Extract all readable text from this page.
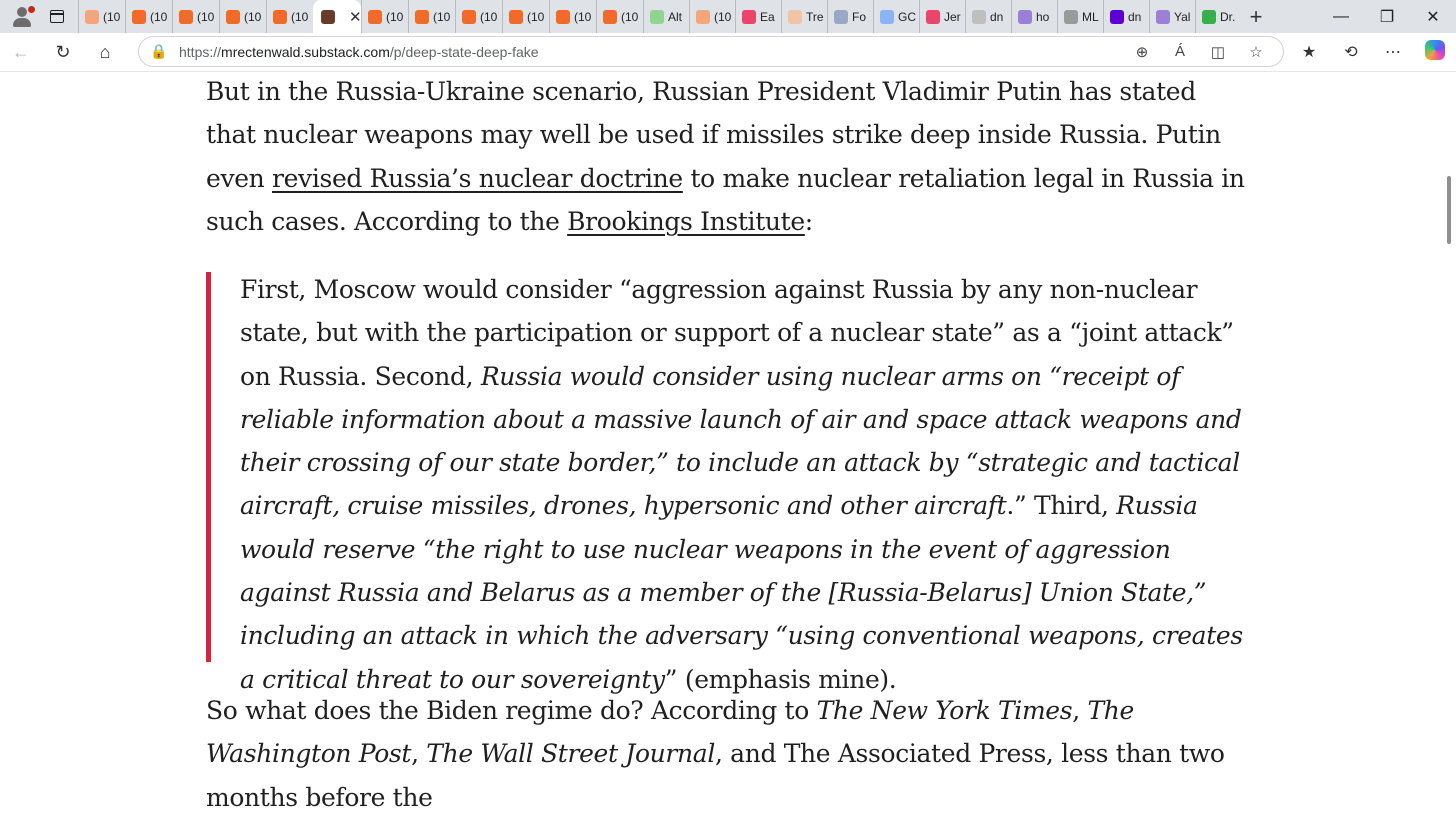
(10 (10 (10 (10 (10	✕ (10 (10 (10 (10 (10 (10 Alt	(10 Ea	Tre Fo	GC Jer dn	ho	ML dn	Yal Dr. +	—	❐	✕
←	↻	⌂	🔒 https://mrectenwald.substack.com/p/deep-state-deep-fake	⊕	Á	◫	☆	★	⟲	⋯

But in the Russia-Ukraine scenario, Russian President Vladimir Putin has stated that nuclear weapons may well be used if missiles strike deep inside Russia. Putin even revised Russia’s nuclear doctrine to make nuclear retaliation legal in Russia in such cases. According to the Brookings Institute:

First, Moscow would consider “aggression against Russia by any non-nuclear state, but with the participation or support of a nuclear state” as a “joint attack” on Russia. Second, Russia would consider using nuclear arms on “receipt of reliable information about a massive launch of air and space attack weapons and their crossing of our state border,” to include an attack by “strategic and tactical aircraft, cruise missiles, drones, hypersonic and other aircraft.” Third, Russia would reserve “the right to use nuclear weapons in the event of aggression against Russia and Belarus as a member of the [Russia-Belarus] Union State,” including an attack in which the adversary “using conventional weapons, creates a critical threat to our sovereignty” (emphasis mine).

So what does the Biden regime do? According to The New York Times, The Washington Post, The Wall Street Journal, and The Associated Press, less than two months before the
